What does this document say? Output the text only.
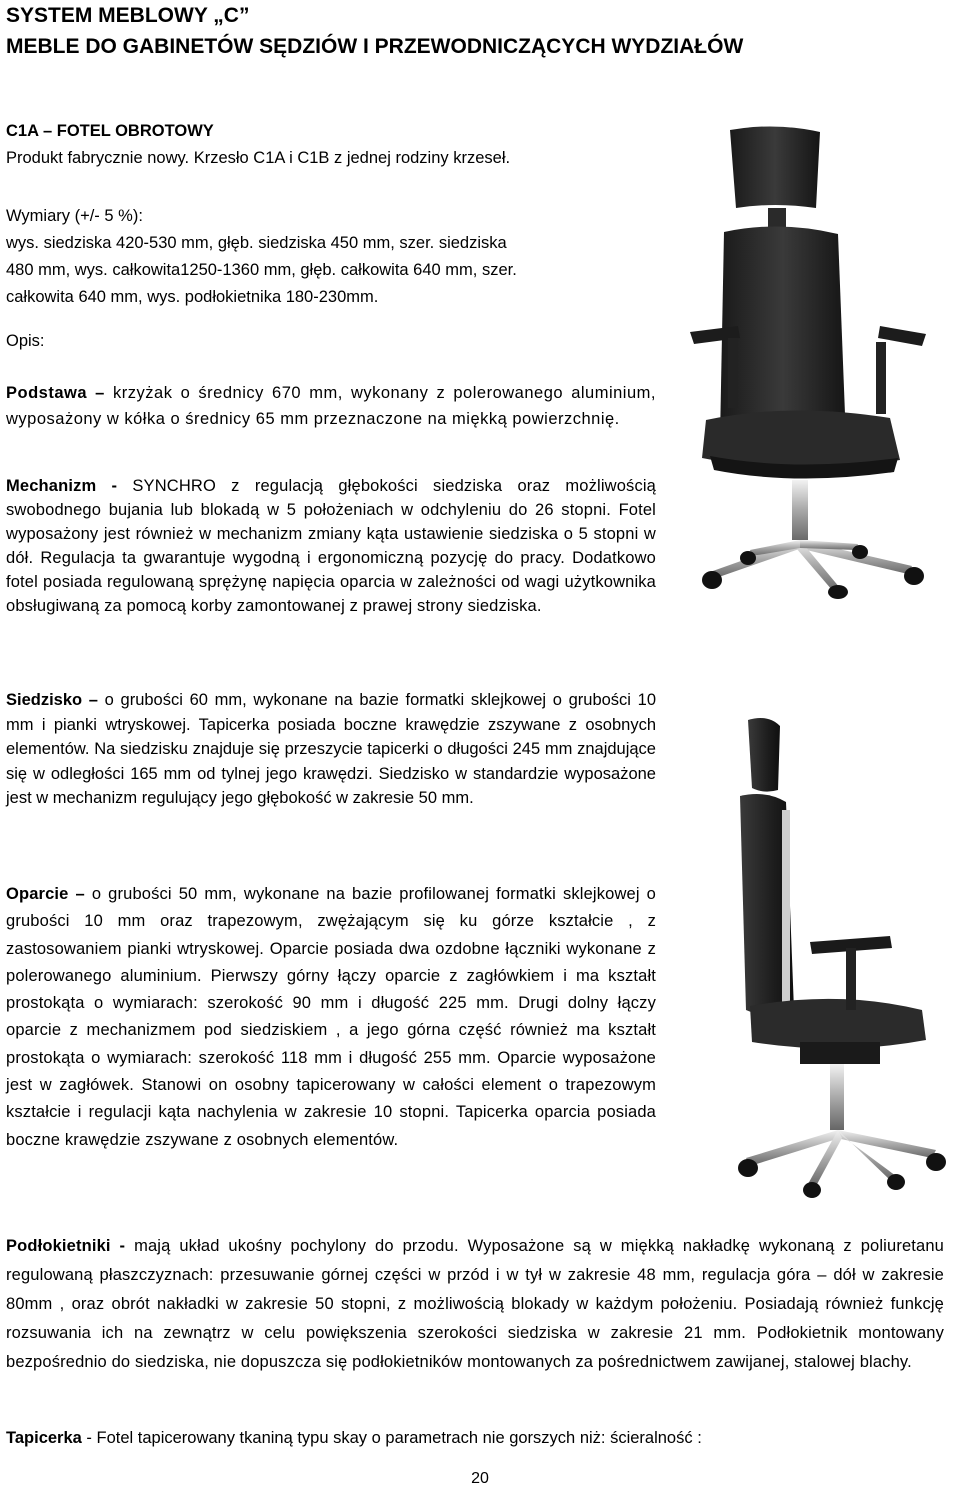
SYSTEM MEBLOWY „C”
MEBLE DO GABINETÓW SĘDZIÓW I PRZEWODNICZĄCYCH WYDZIAŁÓW
C1A – FOTEL OBROTOWY
Produkt fabrycznie nowy. Krzesło C1A i C1B z jednej rodziny krzeseł.
Wymiary (+/- 5 %):
wys. siedziska 420-530 mm, głęb. siedziska 450 mm, szer. siedziska
480 mm, wys. całkowita1250-1360 mm, głęb. całkowita 640 mm, szer.
całkowita 640 mm, wys. podłokietnika 180-230mm.
Opis:
Podstawa – krzyżak o średnicy 670 mm, wykonany z polerowanego aluminium, wyposażony w kółka o średnicy 65 mm przeznaczone na miękką powierzchnię.
Mechanizm - SYNCHRO z regulacją głębokości siedziska oraz możliwością swobodnego bujania lub blokadą w 5 położeniach w odchyleniu do 26 stopni. Fotel wyposażony jest również w mechanizm zmiany kąta ustawienie siedziska o 5 stopni w dół. Regulacja ta gwarantuje wygodną i ergonomiczną pozycję do pracy. Dodatkowo fotel posiada regulowaną sprężynę napięcia oparcia w zależności od wagi użytkownika obsługiwaną za pomocą korby zamontowanej z prawej strony siedziska.
Siedzisko – o grubości 60 mm, wykonane na bazie formatki sklejkowej o grubości 10 mm i pianki wtryskowej. Tapicerka posiada boczne krawędzie zszywane z osobnych elementów. Na siedzisku znajduje się przeszycie tapicerki o długości 245 mm znajdujące się w odległości 165 mm od tylnej jego krawędzi. Siedzisko w standardzie wyposażone jest w mechanizm regulujący jego głębokość w zakresie 50 mm.
Oparcie – o grubości 50 mm, wykonane na bazie profilowanej formatki sklejkowej o grubości 10 mm oraz trapezowym, zwężającym się ku górze kształcie , z zastosowaniem pianki wtryskowej. Oparcie posiada dwa ozdobne łączniki wykonane z polerowanego aluminium. Pierwszy górny łączy oparcie z zagłówkiem i ma kształt prostokąta o wymiarach: szerokość 90 mm i długość 225 mm. Drugi dolny łączy oparcie z mechanizmem pod siedziskiem , a jego górna część również ma kształt prostokąta o wymiarach: szerokość 118 mm i długość 255 mm. Oparcie wyposażone jest w zagłówek. Stanowi on osobny tapicerowany w całości element o trapezowym kształcie i regulacji kąta nachylenia w zakresie 10 stopni. Tapicerka oparcia posiada boczne krawędzie zszywane z osobnych elementów.
Podłokietniki - mają układ ukośny pochylony do przodu. Wyposażone są w miękką nakładkę wykonaną z poliuretanu regulowaną płaszczyznach: przesuwanie górnej części w przód i w tył w zakresie 48 mm, regulacja góra – dół w zakresie 80mm , oraz obrót nakładki w zakresie 50 stopni, z możliwością blokady w każdym położeniu. Posiadają również funkcję rozsuwania ich na zewnątrz w celu powiększenia szerokości siedziska w zakresie 21 mm. Podłokietnik montowany bezpośrednio do siedziska, nie dopuszcza się podłokietników montowanych za pośrednictwem zawijanej, stalowej blachy.
Tapicerka - Fotel tapicerowany tkaniną typu skay o parametrach nie gorszych niż: ścieralność :
20
